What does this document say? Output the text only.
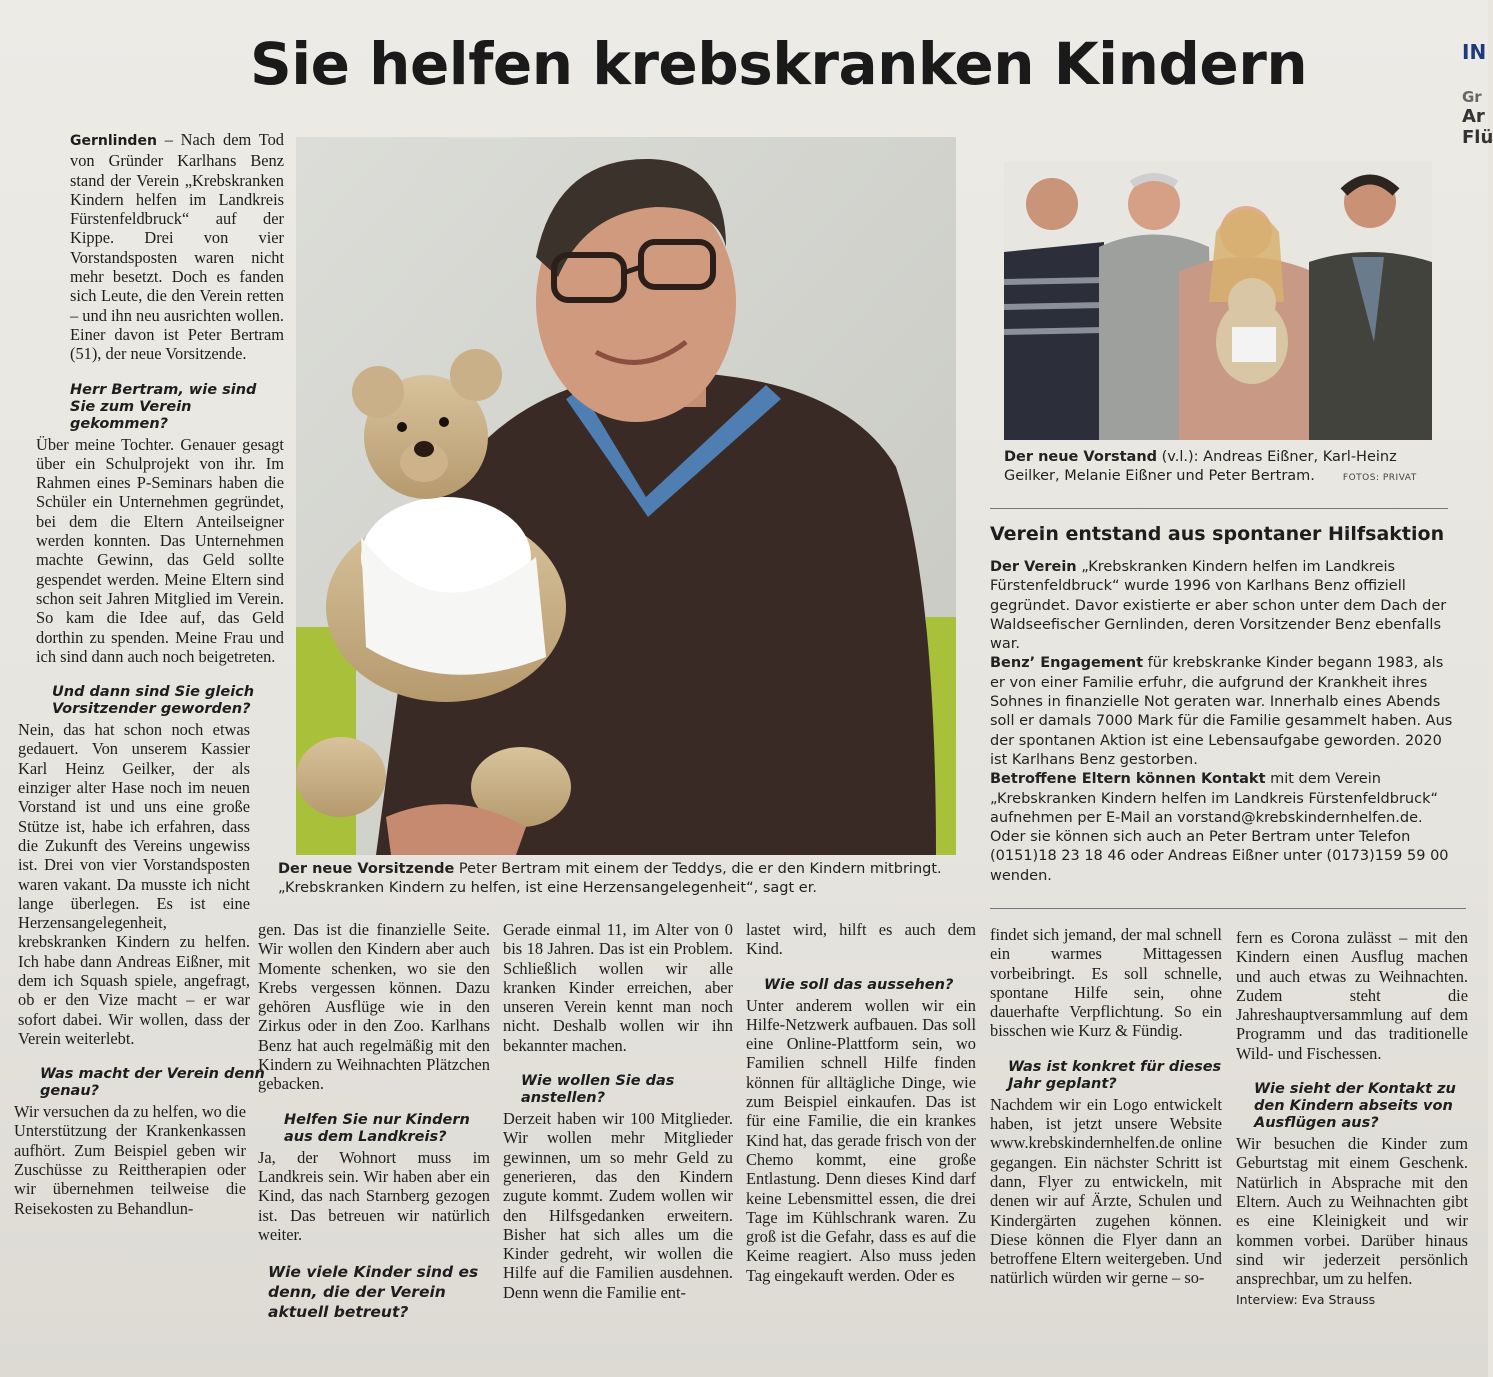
Sie helfen krebskranken Kindern	IN
Gr
Ar
Flü

Gernlinden – Nach dem Tod von Gründer Karlhans Benz stand der Verein „Krebskranken Kindern helfen im Landkreis Fürstenfeldbruck“ auf der Kippe. Drei von vier Vorstandsposten waren nicht mehr besetzt. Doch es fanden sich Leute, die den Verein retten – und ihn neu ausrichten wollen. Einer davon ist Peter Bertram (51), der neue Vorsitzende.

Herr Bertram, wie sind Sie zum Verein gekommen?

Über meine Tochter. Genauer gesagt über ein Schulprojekt von ihr. Im Rahmen eines P-Seminars haben die Schüler ein Unternehmen gegründet, bei dem die Eltern Anteilseigner werden konnten. Das Unternehmen machte Gewinn, das Geld sollte gespendet werden. Meine Eltern sind schon seit Jahren Mitglied im Verein. So kam die Idee auf, das Geld dorthin zu spenden. Meine Frau und ich sind dann auch noch beigetreten.

Und dann sind Sie gleich Vorsitzender geworden?

Nein, das hat schon noch etwas gedauert. Von unserem Kassier Karl Heinz Geilker, der als einziger alter Hase noch im neuen Vorstand ist und uns eine große Stütze ist, habe ich erfahren, dass die Zukunft des Vereins ungewiss ist. Drei von vier Vorstandsposten waren vakant. Da musste ich nicht lange überlegen. Es ist eine Herzensangelegenheit, krebskranken Kindern zu helfen. Ich habe dann Andreas Eißner, mit dem ich Squash spiele, angefragt, ob er den Vize macht – er war sofort dabei. Wir wollen, dass der Verein weiterlebt.

Was macht der Verein denn genau?

Wir versuchen da zu helfen, wo die Unterstützung der Krankenkassen aufhört. Zum Beispiel geben wir Zuschüsse zu Reittherapien oder wir übernehmen teilweise die Reisekosten zu Behandlun-

Der neue Vorsitzende Peter Bertram mit einem der Teddys, die er den Kindern mitbringt. „Krebskranken Kindern zu helfen, ist eine Herzensangelegenheit“, sagt er.
Der neue Vorstand (v.l.): Andreas Eißner, Karl-Heinz Geilker, Melanie Eißner und Peter Bertram.	FOTOS: PRIVAT
Verein entstand aus spontaner Hilfsaktion

Der Verein „Krebskranken Kindern helfen im Landkreis Fürstenfeldbruck“ wurde 1996 von Karlhans Benz offiziell gegründet. Davor existierte er aber schon unter dem Dach der Waldseefischer Gernlinden, deren Vorsitzender Benz ebenfalls war.

Benz’ Engagement für krebskranke Kinder begann 1983, als er von einer Familie erfuhr, die aufgrund der Krankheit ihres Sohnes in finanzielle Not geraten war. Innerhalb eines Abends soll er damals 7000 Mark für die Familie gesammelt haben. Aus der spontanen Aktion ist eine Lebensaufgabe geworden. 2020 ist Karlhans Benz gestorben.

Betroffene Eltern können Kontakt mit dem Verein „Krebskranken Kindern helfen im Landkreis Fürstenfeldbruck“ aufnehmen per E-Mail an vorstand@krebskindernhelfen.de. Oder sie können sich auch an Peter Bertram unter Telefon (0151)18 23 18 46 oder Andreas Eißner unter (0173)159 59 00 wenden.

gen. Das ist die finanzielle Seite. Wir wollen den Kindern aber auch Momente schenken, wo sie den Krebs vergessen können. Dazu gehören Ausflüge wie in den Zirkus oder in den Zoo. Karlhans Benz hat auch regelmäßig mit den Kindern zu Weihnachten Plätzchen gebacken.

Helfen Sie nur Kindern aus dem Landkreis?

Ja, der Wohnort muss im Landkreis sein. Wir haben aber ein Kind, das nach Starnberg gezogen ist. Das betreuen wir natürlich weiter.

Wie viele Kinder sind es denn, die der Verein aktuell betreut?

Gerade einmal 11, im Alter von 0 bis 18 Jahren. Das ist ein Problem. Schließlich wollen wir alle kranken Kinder erreichen, aber unseren Verein kennt man noch nicht. Deshalb wollen wir ihn bekannter machen.

Wie wollen Sie das anstellen?

Derzeit haben wir 100 Mitglieder. Wir wollen mehr Mitglieder gewinnen, um so mehr Geld zu generieren, das den Kindern zugute kommt. Zudem wollen wir den Hilfsgedanken erweitern. Bisher hat sich alles um die Kinder gedreht, wir wollen die Hilfe auf die Familien ausdehnen. Denn wenn die Familie ent-

lastet wird, hilft es auch dem Kind.

Wie soll das aussehen?

Unter anderem wollen wir ein Hilfe-Netzwerk aufbauen. Das soll eine Online-Plattform sein, wo Familien schnell Hilfe finden können für alltägliche Dinge, wie zum Beispiel einkaufen. Das ist für eine Familie, die ein krankes Kind hat, das gerade frisch von der Chemo kommt, eine große Entlastung. Denn dieses Kind darf keine Lebensmittel essen, die drei Tage im Kühlschrank waren. Zu groß ist die Gefahr, dass es auf die Keime reagiert. Also muss jeden Tag eingekauft werden. Oder es

findet sich jemand, der mal schnell ein warmes Mittagessen vorbeibringt. Es soll schnelle, spontane Hilfe sein, ohne dauerhafte Verpflichtung. So ein bisschen wie Kurz & Fündig.

Was ist konkret für dieses Jahr geplant?

Nachdem wir ein Logo entwickelt haben, ist jetzt unsere Website www.krebskindernhelfen.de online gegangen. Ein nächster Schritt ist dann, Flyer zu entwickeln, mit denen wir auf Ärzte, Schulen und Kindergärten zugehen können. Diese können die Flyer dann an betroffene Eltern weitergeben. Und natürlich würden wir gerne – so-

fern es Corona zulässt – mit den Kindern einen Ausflug machen und auch etwas zu Weihnachten. Zudem steht die Jahreshauptversammlung auf dem Programm und das traditionelle Wild- und Fischessen.

Wie sieht der Kontakt zu den Kindern abseits von Ausflügen aus?

Wir besuchen die Kinder zum Geburtstag mit einem Geschenk. Natürlich in Absprache mit den Eltern. Auch zu Weihnachten gibt es eine Kleinigkeit und wir kommen vorbei. Darüber hinaus sind wir jederzeit persönlich ansprechbar, um zu helfen.

Interview: Eva Strauss
